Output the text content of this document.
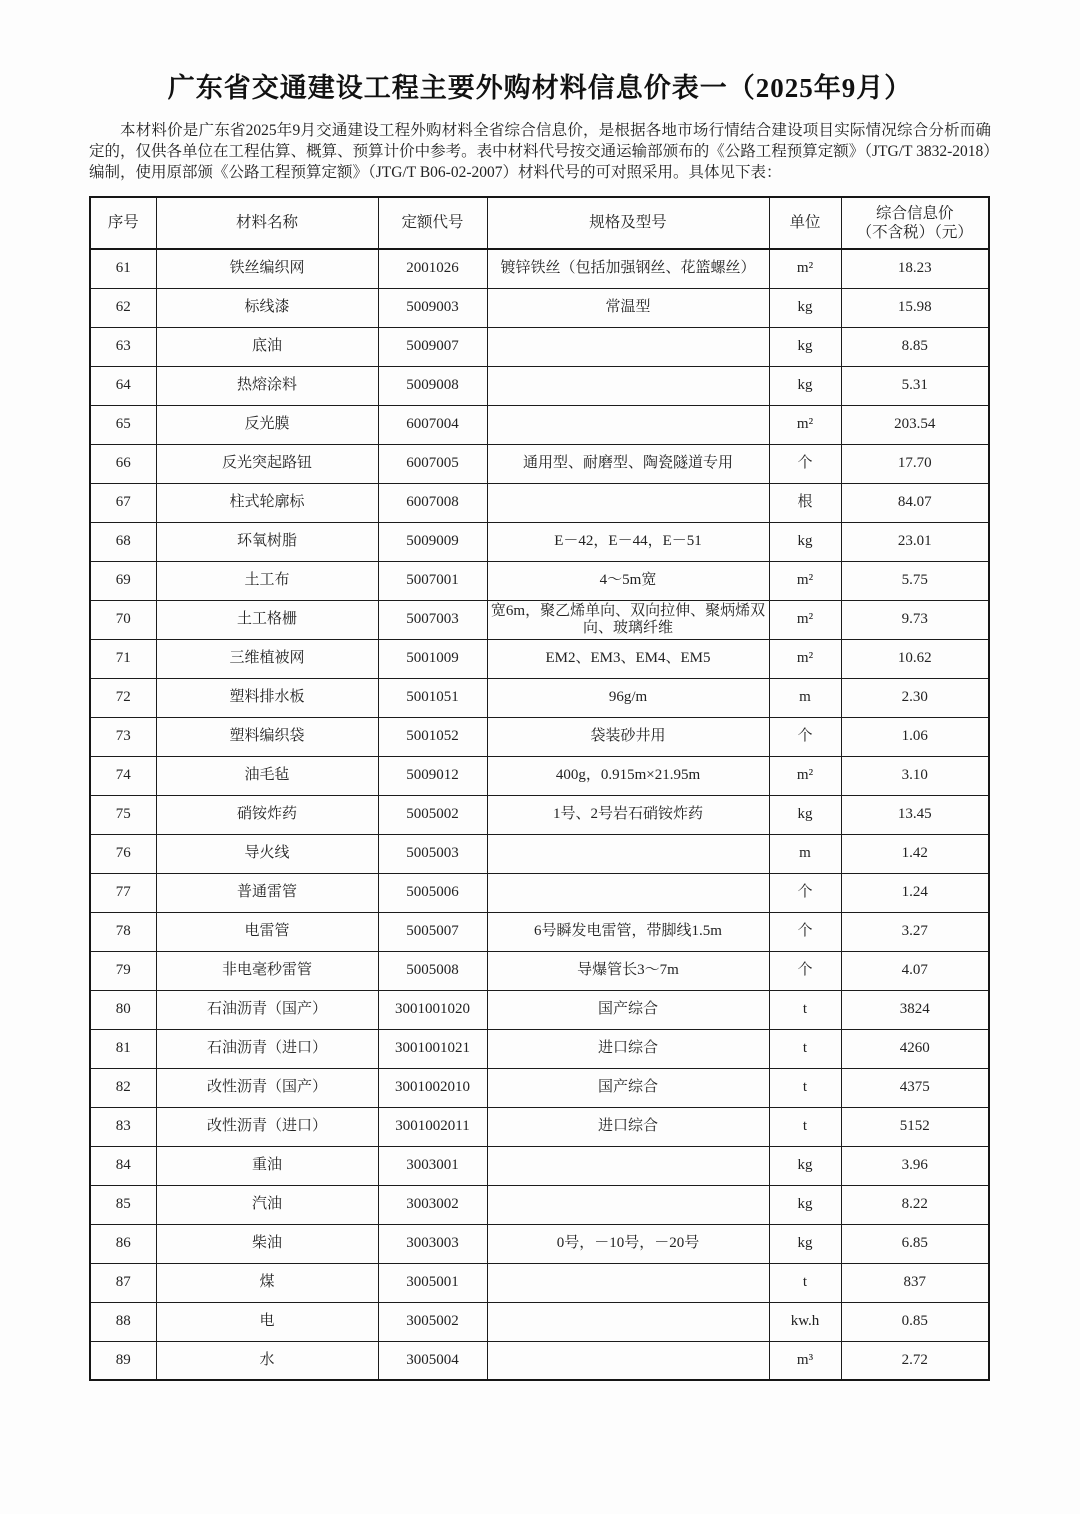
广东省交通建设工程主要外购材料信息价表一（2025年9月）
本材料价是广东省2025年9月交通建设工程外购材料全省综合信息价，是根据各地市场行情结合建设项目实际情况综合分析而确定的，仅供各单位在工程估算、概算、预算计价中参考。表中材料代号按交通运输部颁布的《公路工程预算定额》（JTG/T 3832-2018）编制，使用原部颁《公路工程预算定额》（JTG/T B06-02-2007）材料代号的可对照采用。具体见下表：
序号	材料名称	定额代号	规格及型号	单位	综合信息价
（不含税）（元）

61	铁丝编织网	2001026	镀锌铁丝（包括加强钢丝、花篮螺丝）	m²	18.23
62	标线漆	5009003	常温型	kg	15.98
63	底油	5009007		kg	8.85
64	热熔涂料	5009008		kg	5.31
65	反光膜	6007004		m²	203.54
66	反光突起路钮	6007005	通用型、耐磨型、陶瓷隧道专用	个	17.70
67	柱式轮廓标	6007008		根	84.07
68	环氧树脂	5009009	E－42，E－44，E－51	kg	23.01
69	土工布	5007001	4～5m宽	m²	5.75
70	土工格栅	5007003	宽6m，聚乙烯单向、双向拉伸、聚炳烯双向、玻璃纤维	m²	9.73
71	三维植被网	5001009	EM2、EM3、EM4、EM5	m²	10.62
72	塑料排水板	5001051	96g/m	m	2.30
73	塑料编织袋	5001052	袋装砂井用	个	1.06
74	油毛毡	5009012	400g，0.915m×21.95m	m²	3.10
75	硝铵炸药	5005002	1号、2号岩石硝铵炸药	kg	13.45
76	导火线	5005003		m	1.42
77	普通雷管	5005006		个	1.24
78	电雷管	5005007	6号瞬发电雷管，带脚线1.5m	个	3.27
79	非电毫秒雷管	5005008	导爆管长3～7m	个	4.07
80	石油沥青（国产）	3001001020	国产综合	t	3824
81	石油沥青（进口）	3001001021	进口综合	t	4260
82	改性沥青（国产）	3001002010	国产综合	t	4375
83	改性沥青（进口）	3001002011	进口综合	t	5152
84	重油	3003001		kg	3.96
85	汽油	3003002		kg	8.22
86	柴油	3003003	0号，－10号，－20号	kg	6.85
87	煤	3005001		t	837
88	电	3005002		kw.h	0.85
89	水	3005004		m³	2.72
